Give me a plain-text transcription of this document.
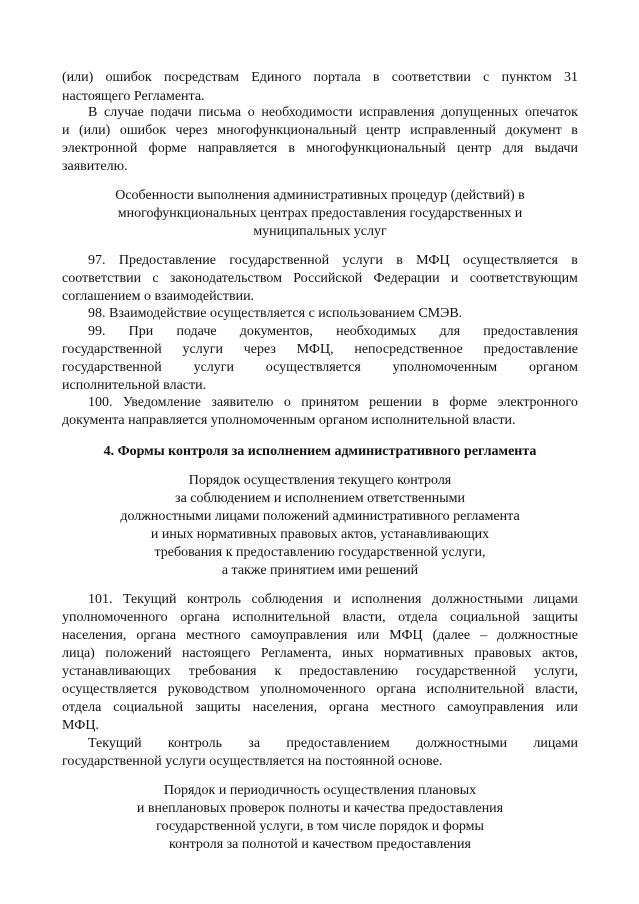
(или) ошибок посредствам Единого портала в соответствии с пунктом 31
настоящего Регламента.
В случае подачи письма о необходимости исправления допущенных опечаток
и (или) ошибок через многофункциональный центр исправленный документ в
электронной форме направляется в многофункциональный центр для выдачи
заявителю.
Особенности выполнения административных процедур (действий) в
многофункциональных центрах предоставления государственных и
муниципальных услуг
97. Предоставление государственной услуги в МФЦ осуществляется в
соответствии с законодательством Российской Федерации и соответствующим
соглашением о взаимодействии.
98. Взаимодействие осуществляется с использованием СМЭВ.
99. При подаче документов, необходимых для предоставления
государственной услуги через МФЦ, непосредственное предоставление
государственной услуги осуществляется уполномоченным органом
исполнительной власти.
100. Уведомление заявителю о принятом решении в форме электронного
документа направляется уполномоченным органом исполнительной власти.
4. Формы контроля за исполнением административного регламента
Порядок осуществления текущего контроля
за соблюдением и исполнением ответственными
должностными лицами положений административного регламента
и иных нормативных правовых актов, устанавливающих
требования к предоставлению государственной услуги,
а также принятием ими решений
101. Текущий контроль соблюдения и исполнения должностными лицами
уполномоченного органа исполнительной власти, отдела социальной защиты
населения, органа местного самоуправления или МФЦ (далее – должностные
лица) положений настоящего Регламента, иных нормативных правовых актов,
устанавливающих требования к предоставлению государственной услуги,
осуществляется руководством уполномоченного органа исполнительной власти,
отдела социальной защиты населения, органа местного самоуправления или
МФЦ.
Текущий контроль за предоставлением должностными лицами
государственной услуги осуществляется на постоянной основе.
Порядок и периодичность осуществления плановых
и внеплановых проверок полноты и качества предоставления
государственной услуги, в том числе порядок и формы
контроля за полнотой и качеством предоставления
